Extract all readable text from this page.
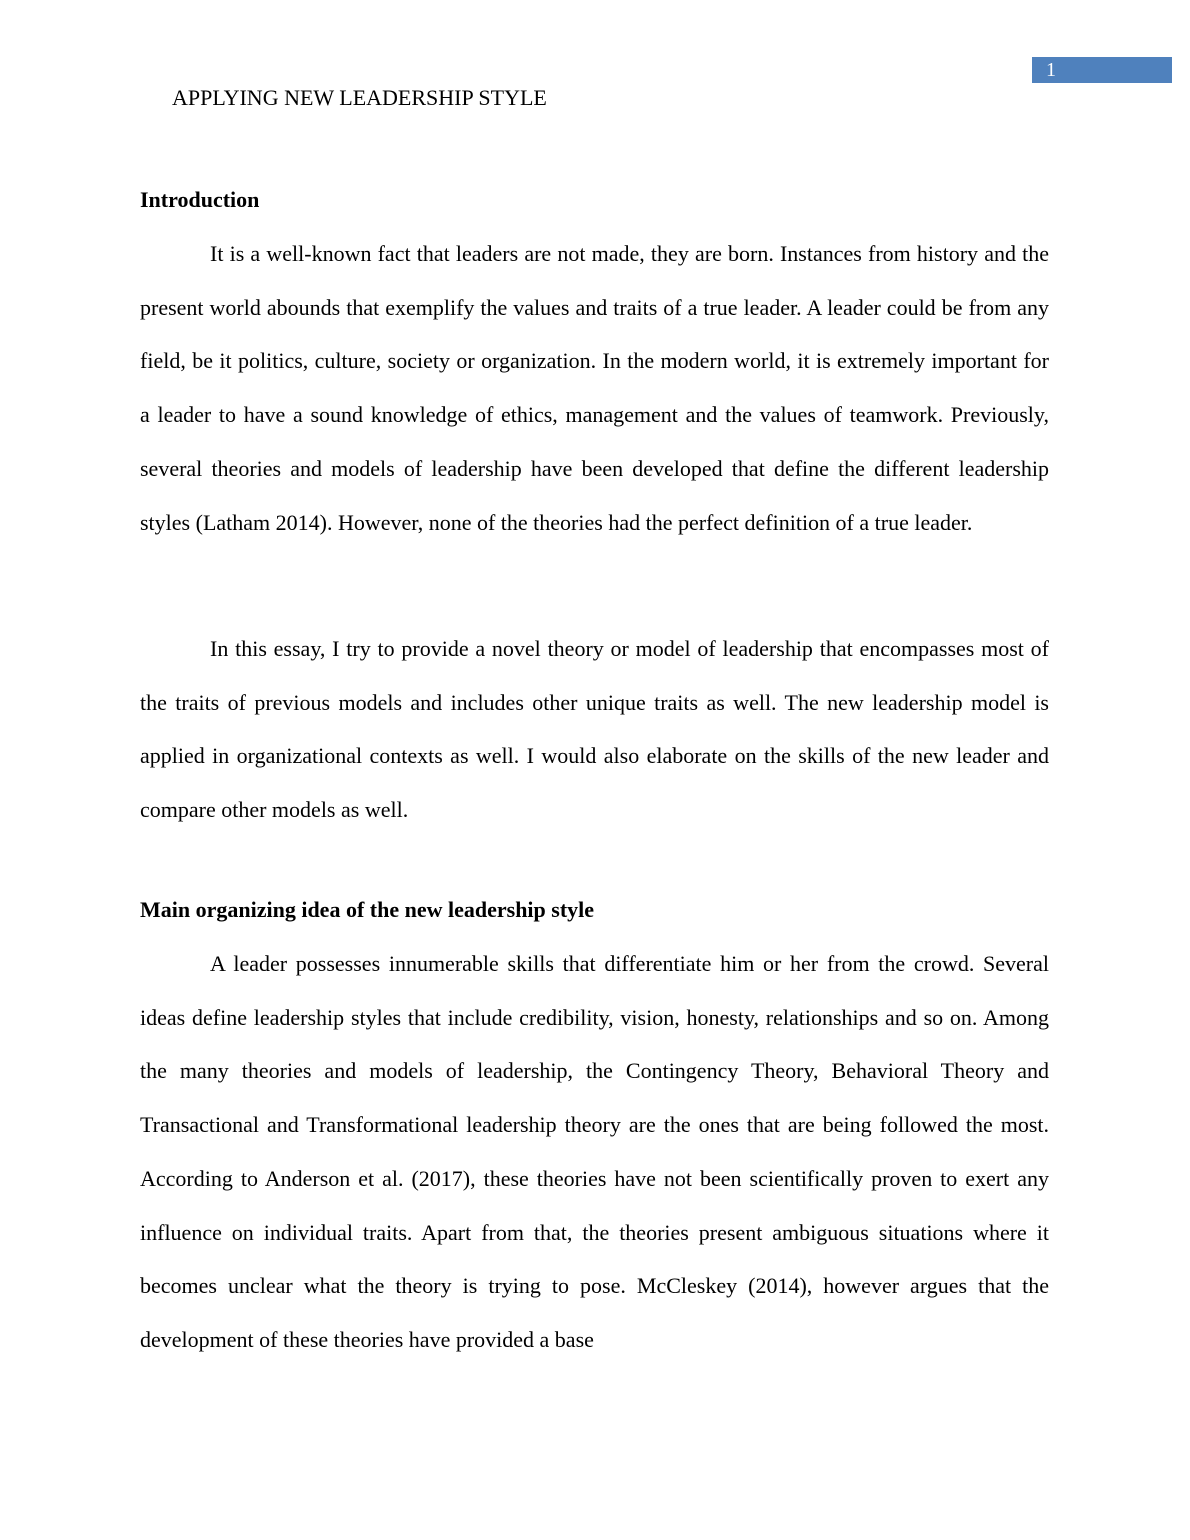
1
APPLYING NEW LEADERSHIP STYLE
Introduction

It is a well-known fact that leaders are not made, they are born. Instances from history and the present world abounds that exemplify the values and traits of a true leader. A leader could be from any field, be it politics, culture, society or organization. In the modern world, it is extremely important for a leader to have a sound knowledge of ethics, management and the values of teamwork. Previously, several theories and models of leadership have been developed that define the different leadership styles (Latham 2014). However, none of the theories had the perfect definition of a true leader.

In this essay, I try to provide a novel theory or model of leadership that encompasses most of the traits of previous models and includes other unique traits as well. The new leadership model is applied in organizational contexts as well. I would also elaborate on the skills of the new leader and compare other models as well.

Main organizing idea of the new leadership style

A leader possesses innumerable skills that differentiate him or her from the crowd. Several ideas define leadership styles that include credibility, vision, honesty, relationships and so on. Among the many theories and models of leadership, the Contingency Theory, Behavioral Theory and Transactional and Transformational leadership theory are the ones that are being followed the most. According to Anderson et al. (2017), these theories have not been scientifically proven to exert any influence on individual traits. Apart from that, the theories present ambiguous situations where it becomes unclear what the theory is trying to pose. McCleskey (2014), however argues that the development of these theories have provided a base
